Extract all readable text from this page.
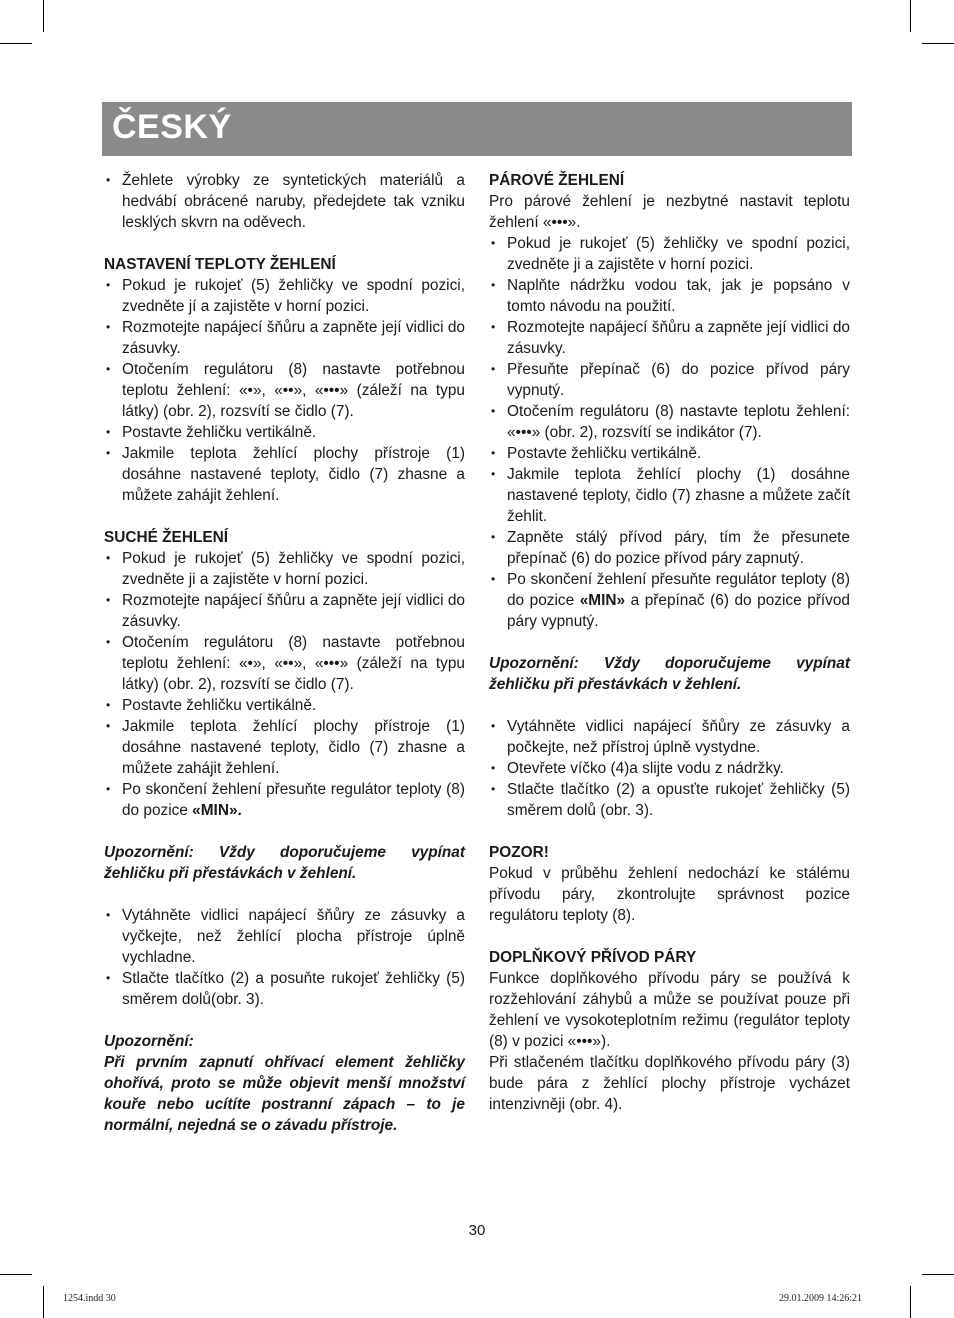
ČESKÝ
• Žehlete výrobky ze syntetických materiálů a hedvábí obrácené naruby, předejdete tak vzniku lesklých skvrn na oděvech.

NASTAVENÍ TEPLOTY ŽEHLENÍ

• Pokud je rukojeť (5) žehličky ve spodní pozici, zvedněte jí a zajistěte v horní pozici.
• Rozmotejte napájecí šňůru a zapněte její vidlici do zásuvky.
• Otočením regulátoru (8) nastavte potřebnou teplotu žehlení: «•», «••», «•••» (záleží na typu látky) (obr. 2), rozsvítí se čidlo (7).
• Postavte žehličku vertikálně.
• Jakmile teplota žehlící plochy přístroje (1) dosáhne nastavené teploty, čidlo (7) zhasne a můžete zahájit žehlení.

SUCHÉ ŽEHLENÍ

• Pokud je rukojeť (5) žehličky ve spodní pozici, zvedněte ji a zajistěte v horní pozici.
• Rozmotejte napájecí šňůru a zapněte její vidlici do zásuvky.
• Otočením regulátoru (8) nastavte potřebnou teplotu žehlení: «•», «••», «•••» (záleží na typu látky) (obr. 2), rozsvítí se čidlo (7).
• Postavte žehličku vertikálně.
• Jakmile teplota žehlící plochy přístroje (1) dosáhne nastavené teploty, čidlo (7) zhasne a můžete zahájit žehlení.
• Po skončení žehlení přesuňte regulátor teploty (8) do pozice «MIN».

Upozornění: Vždy doporučujeme vypínat žehličku při přestávkách v žehlení.

• Vytáhněte vidlici napájecí šňůry ze zásuvky a vyčkejte, než žehlící plocha přístroje úplně vychladne.
• Stlačte tlačítko (2) a posuňte rukojeť žehličky (5) směrem dolů(obr. 3).

Upozornění:

Při prvním zapnutí ohřívací element žehličky ohořívá, proto se může objevit menší množství kouře nebo ucítíte postranní zápach – to je normální, nejedná se o závadu přístroje.

PÁROVÉ ŽEHLENÍ

Pro párové žehlení je nezbytné nastavit teplotu žehlení «•••».

• Pokud je rukojeť (5) žehličky ve spodní pozici, zvedněte ji a zajistěte v horní pozici.
• Naplňte nádržku vodou tak, jak je popsáno v tomto návodu na použití.
• Rozmotejte napájecí šňůru a zapněte její vidlici do zásuvky.
• Přesuňte přepínač (6) do pozice přívod páry vypnutý.
• Otočením regulátoru (8) nastavte teplotu žehlení: «•••» (obr. 2), rozsvítí se indikátor (7).
• Postavte žehličku vertikálně.
• Jakmile teplota žehlící plochy (1) dosáhne nastavené teploty, čidlo (7) zhasne a můžete začít žehlit.
• Zapněte stálý přívod páry, tím že přesunete přepínač (6) do pozice přívod páry zapnutý.
• Po skončení žehlení přesuňte regulátor teploty (8) do pozice «MIN» a přepínač (6) do pozice přívod páry vypnutý.

Upozornění: Vždy doporučujeme vypínat žehličku při přestávkách v žehlení.

• Vytáhněte vidlici napájecí šňůry ze zásuvky a počkejte, než přístroj úplně vystydne.
• Otevřete víčko (4)a slijte vodu z nádržky.
• Stlačte tlačítko (2) a opusťte rukojeť žehličky (5) směrem dolů (obr. 3).

POZOR!

Pokud v průběhu žehlení nedochází ke stálému přívodu páry, zkontrolujte správnost pozice regulátoru teploty (8).

DOPLŇKOVÝ PŘÍVOD PÁRY

Funkce doplňkového přívodu páry se používá k rozžehlování záhybů a může se používat pouze při žehlení ve vysokoteplotním režimu (regulátor teploty (8) v pozici «•••»).

Při stlačeném tlačítku doplňkového přívodu páry (3) bude pára z žehlící plochy přístroje vycházet intenzivněji (obr. 4).

30
1254.indd 30	29.01.2009 14:26:21
